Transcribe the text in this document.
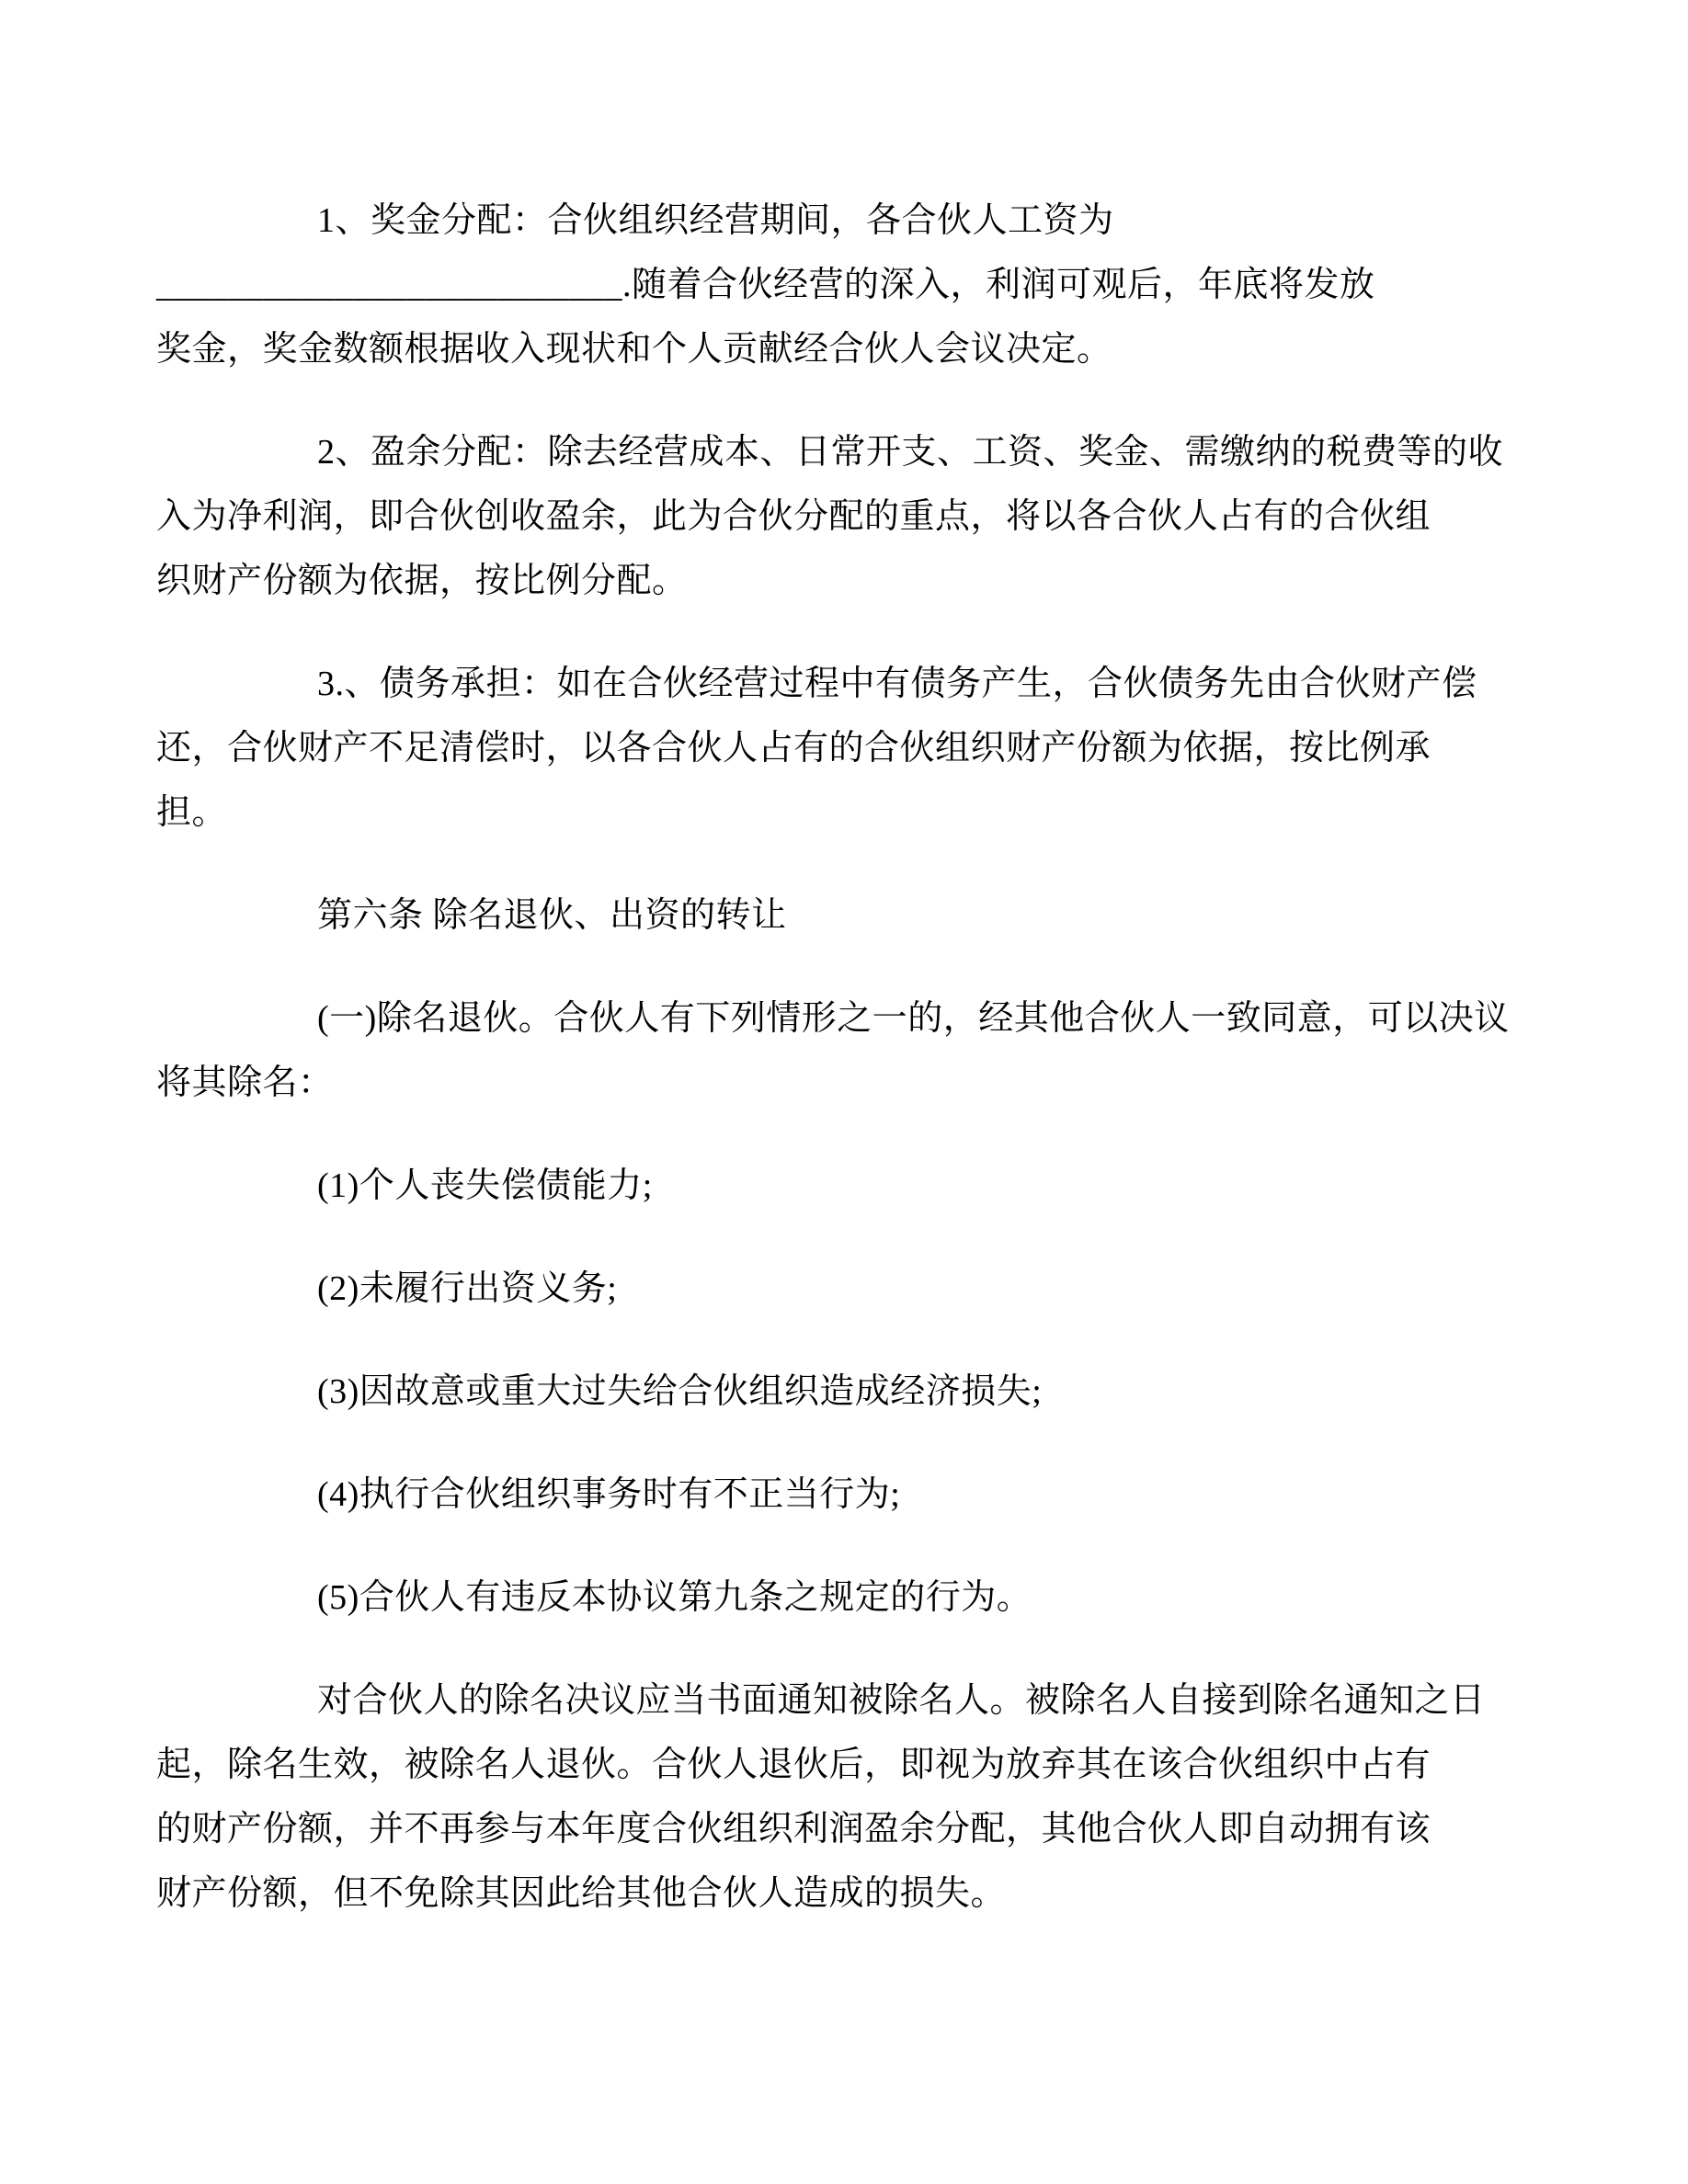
1、奖金分配：合伙组织经营期间，各合伙人工资为
__________________________.随着合伙经营的深入，利润可观后，年底将发放
奖金，奖金数额根据收入现状和个人贡献经合伙人会议决定。
2、盈余分配：除去经营成本、日常开支、工资、奖金、需缴纳的税费等的收
入为净利润，即合伙创收盈余，此为合伙分配的重点，将以各合伙人占有的合伙组
织财产份额为依据，按比例分配。
3.、债务承担：如在合伙经营过程中有债务产生，合伙债务先由合伙财产偿
还，合伙财产不足清偿时，以各合伙人占有的合伙组织财产份额为依据，按比例承
担。
第六条 除名退伙、出资的转让
(一)除名退伙。合伙人有下列情形之一的，经其他合伙人一致同意，可以决议
将其除名：
(1)个人丧失偿债能力;
(2)未履行出资义务;
(3)因故意或重大过失给合伙组织造成经济损失;
(4)执行合伙组织事务时有不正当行为;
(5)合伙人有违反本协议第九条之规定的行为。
对合伙人的除名决议应当书面通知被除名人。被除名人自接到除名通知之日
起，除名生效，被除名人退伙。合伙人退伙后，即视为放弃其在该合伙组织中占有
的财产份额，并不再参与本年度合伙组织利润盈余分配，其他合伙人即自动拥有该
财产份额，但不免除其因此给其他合伙人造成的损失。
